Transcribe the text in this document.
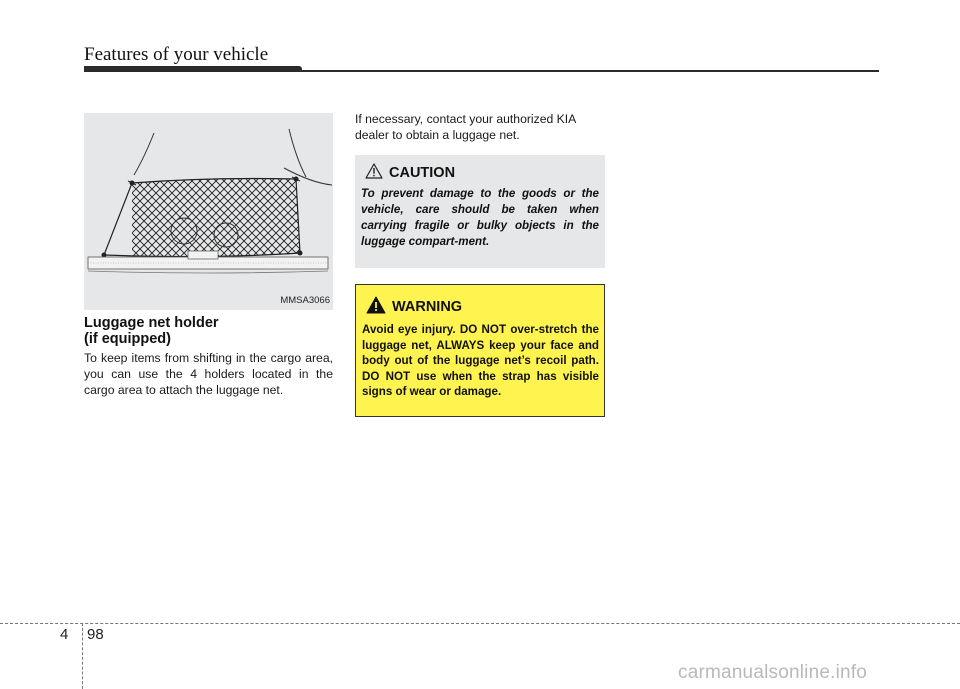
Features of your vehicle
MMSA3066
Luggage net holder
(if equipped)
To keep items from shifting in the cargo area, you can use the 4 holders located in the cargo area to attach the luggage net.
If necessary, contact your authorized KIA dealer to obtain a luggage net.
CAUTION
To prevent damage to the goods or the vehicle, care should be taken when carrying fragile or bulky objects in the luggage compart-ment.
WARNING
Avoid eye injury. DO NOT over-stretch the luggage net, ALWAYS keep your face and body out of the luggage net’s recoil path. DO NOT use when the strap has visible signs of wear or damage.
4 98
carmanualsonline.info
